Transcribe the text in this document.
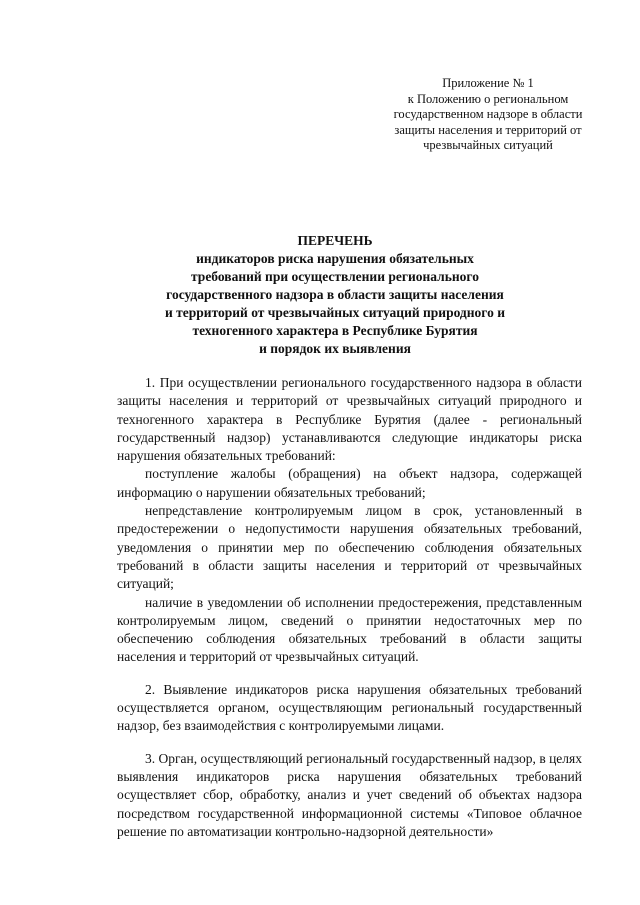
Приложение № 1
к Положению о региональном
государственном надзоре в области
защиты населения и территорий от
чрезвычайных ситуаций
ПЕРЕЧЕНЬ
индикаторов риска нарушения обязательных
требований при осуществлении регионального
государственного надзора в области защиты населения
и территорий от чрезвычайных ситуаций природного и
техногенного характера в Республике Бурятия
и порядок их выявления

1. При осуществлении регионального государственного надзора в области защиты населения и территорий от чрезвычайных ситуаций природного и техногенного характера в Республике Бурятия (далее - региональный государственный надзор) устанавливаются следующие индикаторы риска нарушения обязательных требований:

поступление жалобы (обращения) на объект надзора, содержащей информацию о нарушении обязательных требований;

непредставление контролируемым лицом в срок, установленный в предостережении о недопустимости нарушения обязательных требований, уведомления о принятии мер по обеспечению соблюдения обязательных требований в области защиты населения и территорий от чрезвычайных ситуаций;

наличие в уведомлении об исполнении предостережения, представленным контролируемым лицом, сведений о принятии недостаточных мер по обеспечению соблюдения обязательных требований в области защиты населения и территорий от чрезвычайных ситуаций.

2. Выявление индикаторов риска нарушения обязательных требований осуществляется органом, осуществляющим региональный государственный надзор, без взаимодействия с контролируемыми лицами.

3. Орган, осуществляющий региональный государственный надзор, в целях выявления индикаторов риска нарушения обязательных требований осуществляет сбор, обработку, анализ и учет сведений об объектах надзора посредством государственной информационной системы «Типовое облачное решение по автоматизации контрольно-надзорной деятельности»
